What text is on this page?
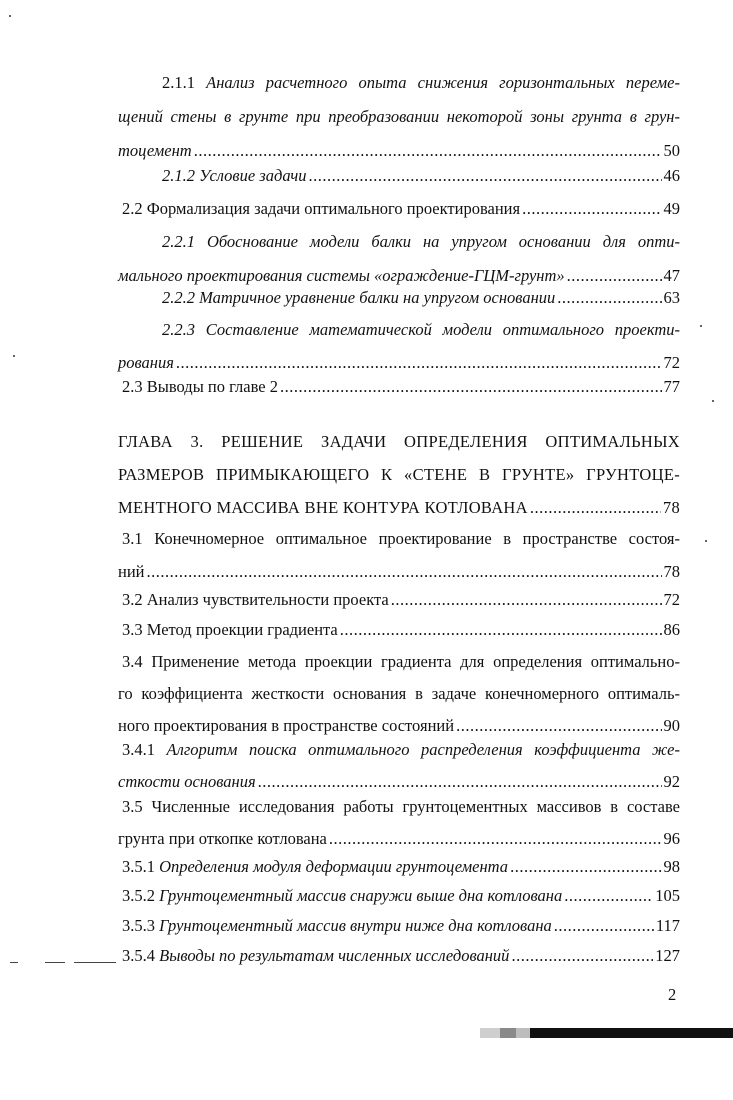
2.1.1 Анализ расчетного опыта снижения горизонтальных переме-
щений стены в грунте при преобразовании некоторой зоны грунта в грун-
тоцемент .....	50
2.1.2 Условие задачи .....	46
2.2 Формализация задачи оптимального проектирования .....	49
2.2.1 Обоснование модели балки на упругом основании для опти-
мального проектирования системы «ограждение-ГЦМ-грунт» .....	47
2.2.2 Матричное уравнение балки на упругом основании .....	63
2.2.3 Составление математической модели оптимального проекти-
рования .....	72
2.3 Выводы по главе 2 .....	77
ГЛАВА 3. РЕШЕНИЕ ЗАДАЧИ ОПРЕДЕЛЕНИЯ ОПТИМАЛЬНЫХ
РАЗМЕРОВ ПРИМЫКАЮЩЕГО К «СТЕНЕ В ГРУНТЕ» ГРУНТОЦЕ-
МЕНТНОГО МАССИВА ВНЕ КОНТУРА КОТЛОВАНА .....	78
3.1 Конечномерное оптимальное проектирование в пространстве состоя-
ний .....	78
3.2 Анализ чувствительности проекта .....	72
3.3 Метод проекции градиента .....	86
3.4 Применение метода проекции градиента для определения оптимально-
го коэффициента жесткости основания в задаче конечномерного оптималь-
ного проектирования в пространстве состояний .....	90
3.4.1 Алгоритм поиска оптимального распределения коэффициента же-
сткости основания .....	92
3.5 Численные исследования работы грунтоцементных массивов в составе
грунта при откопке котлована .....	96
3.5.1 Определения модуля деформации грунтоцемента .....	98
3.5.2 Грунтоцементный массив снаружи выше дна котлована .....	105
3.5.3 Грунтоцементный массив внутри ниже дна котлована .....	117
3.5.4 Выводы по результатам численных исследований .....	127
2
